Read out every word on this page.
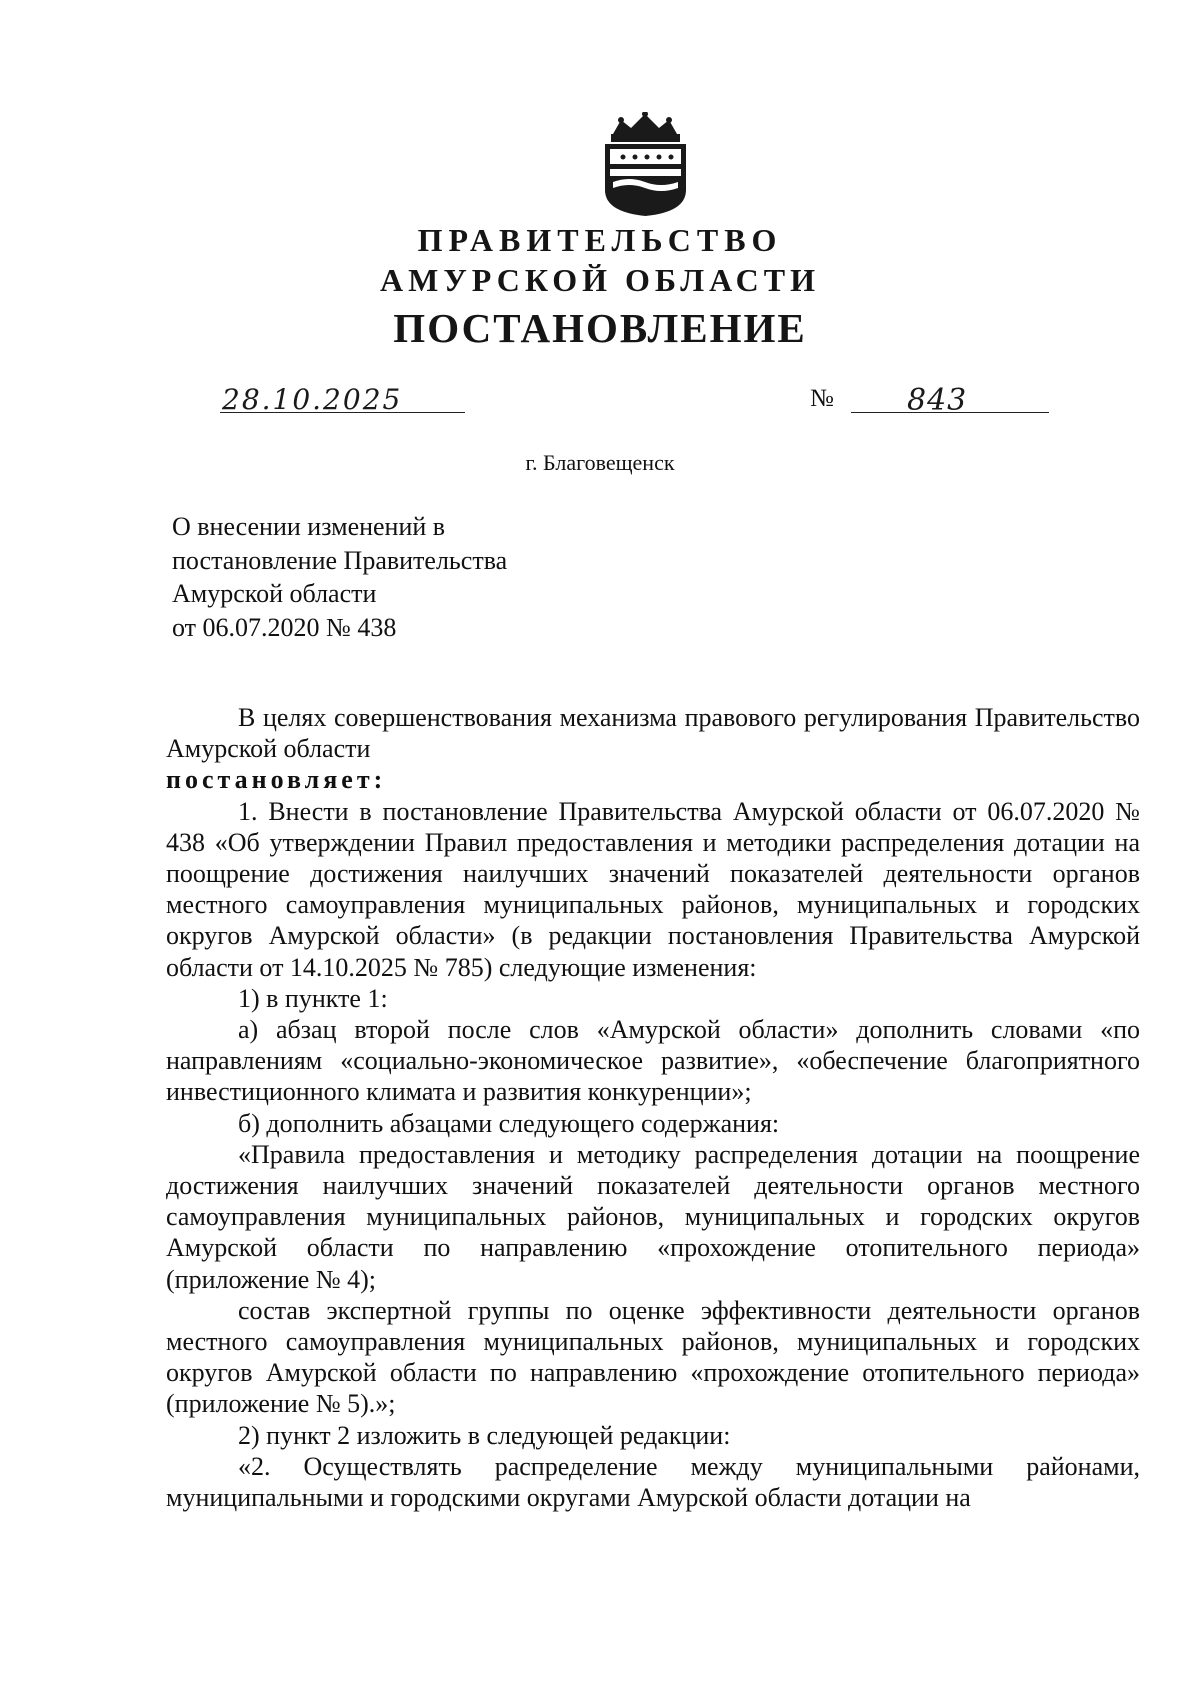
ПРАВИТЕЛЬСТВО
АМУРСКОЙ ОБЛАСТИ
ПОСТАНОВЛЕНИЕ
28.10.2025	№ 843
г. Благовещенск
О внесении изменений в
постановление Правительства
Амурской области
от 06.07.2020 № 438

В целях совершенствования механизма правового регулирования Правительство Амурской области

постановляет:

1. Внести в постановление Правительства Амурской области от 06.07.2020 № 438 «Об утверждении Правил предоставления и методики распределения дотации на поощрение достижения наилучших значений показателей деятельности органов местного самоуправления муниципальных районов, муниципальных и городских округов Амурской области» (в редакции постановления Правительства Амурской области от 14.10.2025 № 785) следующие изменения:

1) в пункте 1:

а) абзац второй после слов «Амурской области» дополнить словами «по направлениям «социально-экономическое развитие», «обеспечение благоприятного инвестиционного климата и развития конкуренции»;

б) дополнить абзацами следующего содержания:

«Правила предоставления и методику распределения дотации на поощрение достижения наилучших значений показателей деятельности органов местного самоуправления муниципальных районов, муниципальных и городских округов Амурской области по направлению «прохождение отопительного периода» (приложение № 4);

состав экспертной группы по оценке эффективности деятельности органов местного самоуправления муниципальных районов, муниципальных и городских округов Амурской области по направлению «прохождение отопительного периода» (приложение № 5).»;

2) пункт 2 изложить в следующей редакции:

«2. Осуществлять распределение между муниципальными районами, муниципальными и городскими округами Амурской области дотации на
